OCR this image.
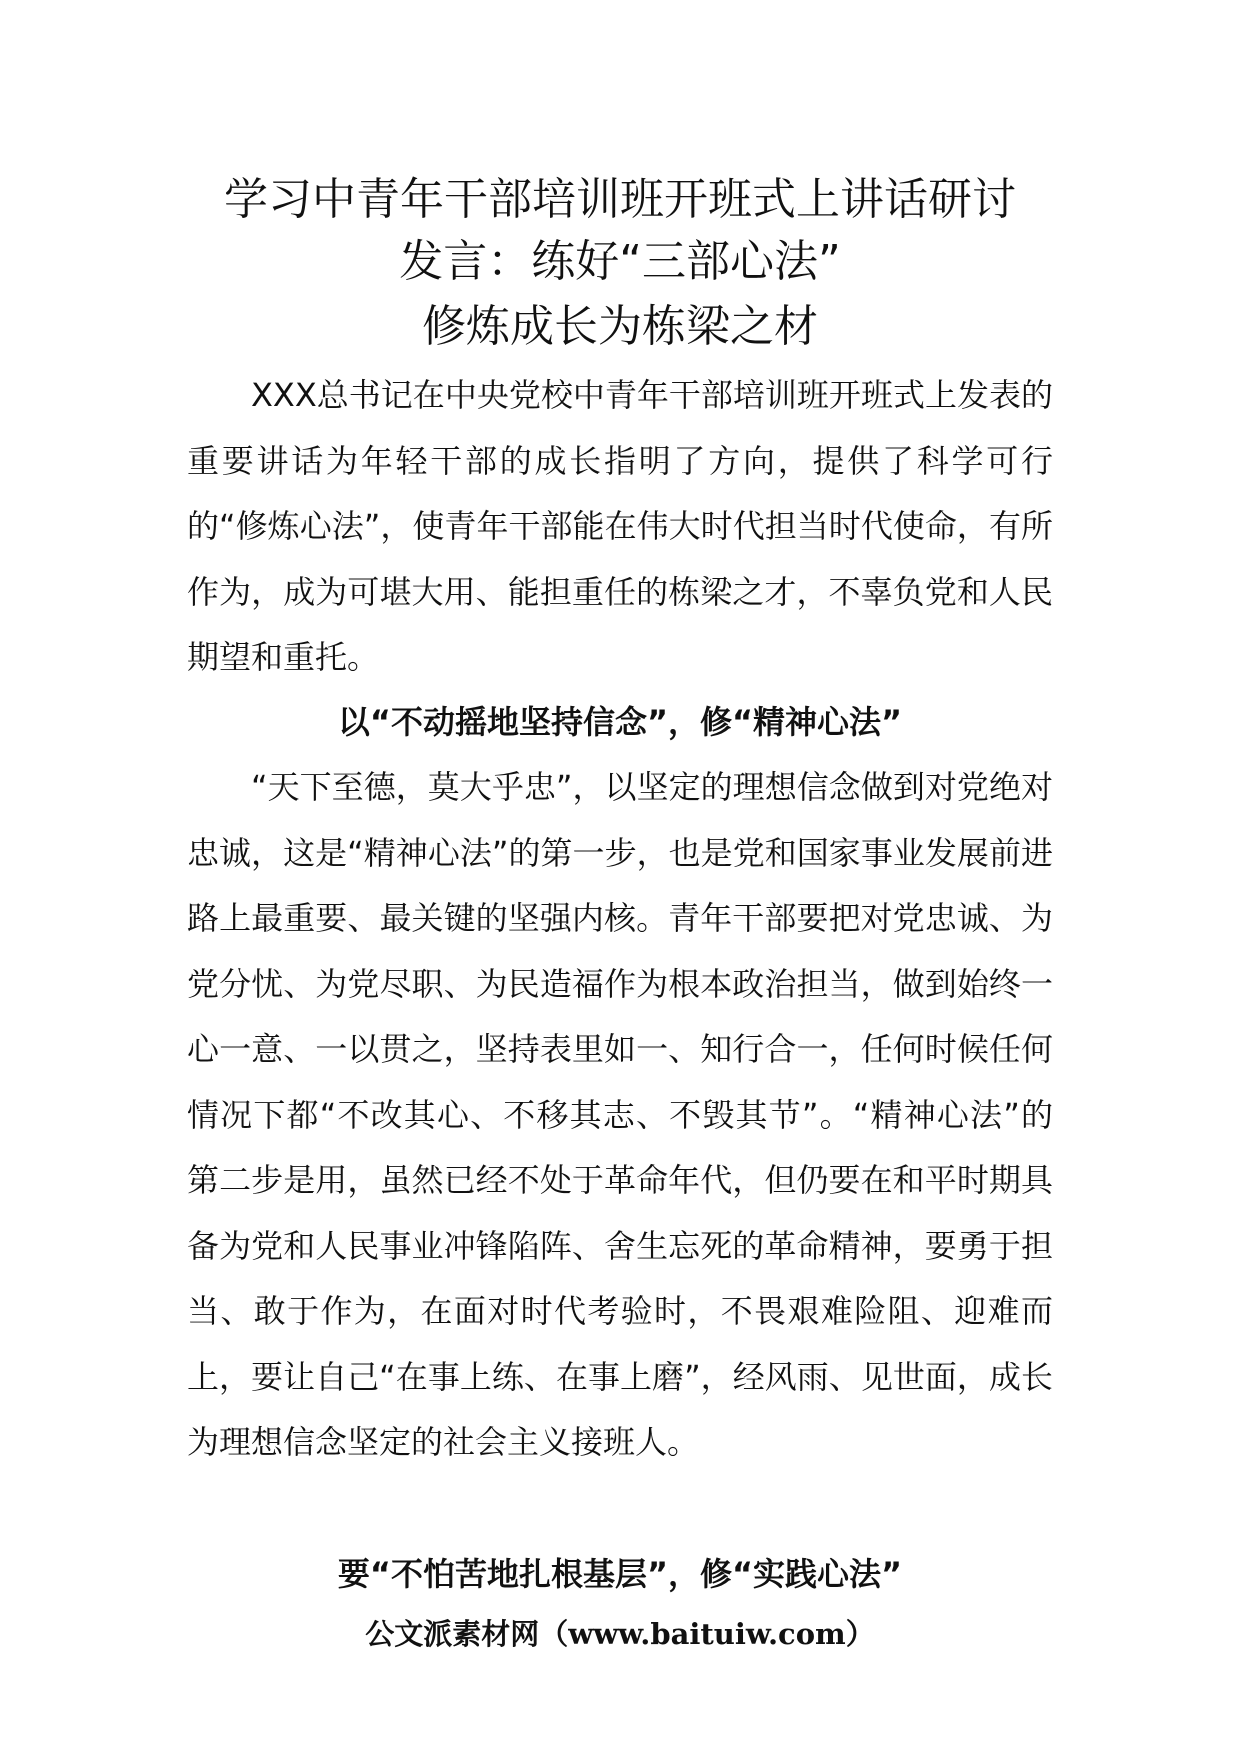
学习中青年干部培训班开班式上讲话研讨
发言：练好“三部心法”
修炼成长为栋梁之材

XXX总书记在中央党校中青年干部培训班开班式上发表的重要讲话为年轻干部的成长指明了方向，提供了科学可行的“修炼心法”，使青年干部能在伟大时代担当时代使命，有所作为，成为可堪大用、能担重任的栋梁之才，不辜负党和人民期望和重托。

以“不动摇地坚持信念”，修“精神心法”

“天下至德，莫大乎忠”，以坚定的理想信念做到对党绝对忠诚，这是“精神心法”的第一步，也是党和国家事业发展前进路上最重要、最关键的坚强内核。青年干部要把对党忠诚、为党分忧、为党尽职、为民造福作为根本政治担当，做到始终一心一意、一以贯之，坚持表里如一、知行合一，任何时候任何情况下都“不改其心、不移其志、不毁其节”。“精神心法”的第二步是用，虽然已经不处于革命年代，但仍要在和平时期具备为党和人民事业冲锋陷阵、舍生忘死的革命精神，要勇于担当、敢于作为，在面对时代考验时，不畏艰难险阻、迎难而上，要让自己“在事上练、在事上磨”，经风雨、见世面，成长为理想信念坚定的社会主义接班人。

要“不怕苦地扎根基层”，修“实践心法”
公文派素材网（www.baituiw.com）
